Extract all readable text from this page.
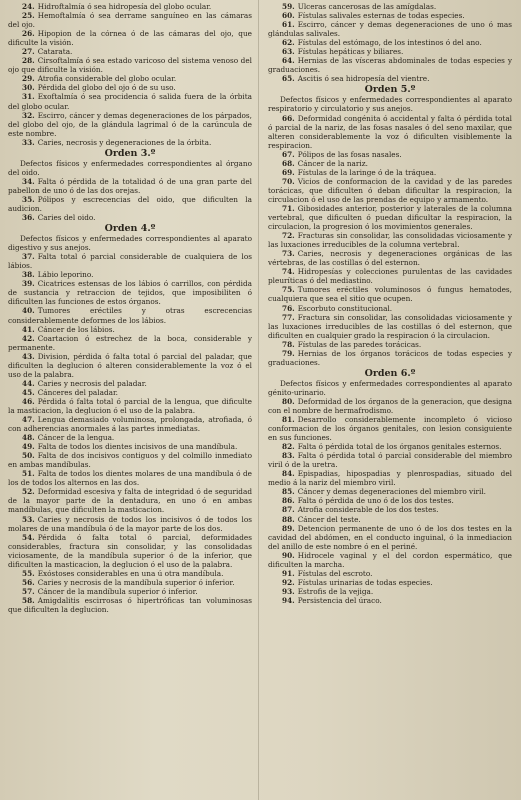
24. Hidroftalmía ó sea hidropesía del globo ocular.

25. Hemoftalmía ó sea derrame sanguíneo en las cámaras del ojo.

26. Hipopion de la córnea ó de las cámaras del ojo, que dificulte la visión.

27. Catarata.

28. Cirsoftalmía ó sea estado varicoso del sistema venoso del ojo que dificulte la visión.

29. Atrofia considerable del globo ocular.

30. Pérdida del globo del ojo ó de su uso.

31. Exoftalmía ó sea procidencia ó salida fuera de la órbita del globo ocular.

32. Escirro, cáncer y demas degeneraciones de los párpados, del globo del ojo, de la glándula lagrimal ó de la carúncula de este nombre.

33. Caries, necrosis y degeneraciones de la órbita.

Orden 3.º

Defectos físicos y enfermedades correspondientes al órgano del oido.

34. Falta ó pérdida de la totalidad ó de una gran parte del pabellon de uno ó de las dos orejas.

35. Pólipos y escrecencias del oido, que dificulten la audicion.

36. Caries del oido.

Orden 4.º

Defectos físicos y enfermedades correspondientes al aparato digestivo y sus anejos.

37. Falta total ó parcial considerable de cualquiera de los lábios.

38. Lábio leporino.

39. Cicatrices estensas de los lábios ó carrillos, con pérdida de sustancia y retraccion de tejidos, que imposibiliten ó dificulten las funciones de estos órganos.

40. Tumores eréctiles y otras escrecencias considerablemente deformes de los lábios.

41. Cáncer de los lábios.

42. Coartacion ó estrechez de la boca, considerable y permanente.

43. Division, pérdida ó falta total ó parcial del paladar, que dificulten la deglucion ó alteren considerablemente la voz ó el uso de la palabra.

44. Caries y necrosis del paladar.

45. Cánceres del paladar.

46. Pérdida ó falta total ó parcial de la lengua, que dificulte la masticacion, la deglucion ó el uso de la palabra.

47. Lengua demasiado voluminosa, prolongada, atrofiada, ó con adherencias anormales á las partes inmediatas.

48. Cáncer de la lengua.

49. Falta de todos los dientes incisivos de una mandíbula.

50. Falta de dos incisivos contiguos y del colmillo inmediato en ambas mandíbulas.

51. Falta de todos los dientes molares de una mandíbula ó de los de todos los alternos en las dos.

52. Deformidad escesiva y falta de integridad ó de seguridad de la mayor parte de la dentadura, en uno ó en ambas mandíbulas, que dificulten la masticacion.

53. Caries y necrosis de todos los incisivos ó de todos los molares de una mandíbula ó de la mayor parte de los dos.

54. Pérdida ó falta total ó parcial, deformidades considerables, fractura sin consolidar, y las consolidadas viciosamente, de la mandíbula superior ó de la inferior, que dificulten la masticacion, la deglucion ó el uso de la palabra.

55. Exóstoses considerables en una ú otra mandíbula.

56. Caries y necrosis de la mandíbula superior ó inferior.

57. Cáncer de la mandíbula superior ó inferior.

58. Amigdalitis escirrosas ó hipertróficas tan voluminosas que dificulten la deglucion.

59. Ulceras cancerosas de las amígdalas.

60. Fístulas salivales esternas de todas especies.

61. Escirro, cáncer y demas degeneraciones de uno ó mas glándulas salivales.

62. Fístulas del estómago, de los intestinos ó del ano.

63. Fístulas hepáticas y biliares.

64. Hernias de las vísceras abdominales de todas especies y graduaciones.

65. Ascitis ó sea hidropesía del vientre.

Orden 5.º

Defectos físicos y enfermedades correspondientes al aparato respiratorio y circulatorio y sus anejos.

66. Deformidad congénita ó accidental y falta ó pérdida total ó parcial de la nariz, de las fosas nasales ó del seno maxilar, que alteren considerablemente la voz ó dificulten visiblemente la respiracion.

67. Pólipos de las fosas nasales.

68. Cáncer de la nariz.

69. Fístulas de la laringe ó de la tráquea.

70. Vicios de conformacion de la cavidad y de las paredes torácicas, que dificulten ó deban dificultar la respiracion, la circulacion ó el uso de las prendas de equipo y armamento.

71. Gibosidades anterior, posterior y laterales de la columna vertebral, que dificulten ó puedan dificultar la respiracion, la circulacion, la progresion ó los movimientos generales.

72. Fracturas sin consolidar, las consolidadas viciosamente y las luxaciones irreducibles de la columna vertebral.

73. Caries, necrosis y degeneraciones orgánicas de las vértebras, de las costillas ó del esternon.

74. Hidropesías y colecciones purulentas de las cavidades pleuríticas ó del mediastino.

75. Tumores eréctiles voluminosos ó fungus hematodes, cualquiera que sea el sitio que ocupen.

76. Escorbuto constitucional.

77. Fractura sin consolidar, las consolidadas viciosamente y las luxaciones irreducibles de las costillas ó del esternon, que dificulten en cualquier grado la respiracion ó la circulacion.

78. Fístulas de las paredes torácicas.

79. Hernias de los órganos torácicos de todas especies y graduaciones.

Orden 6.º

Defectos físicos y enfermedades correspondientes al aparato génito-urinario.

80. Deformidad de los órganos de la generacion, que designa con el nombre de hermafrodismo.

81. Desarrollo considerablemente incompleto ó vicioso conformacion de los órganos genitales, con lesion consiguiente en sus funciones.

82. Falta ó pérdida total de los órganos genitales esternos.

83. Falta ó pérdida total ó parcial considerable del miembro viril ó de la uretra.

84. Epispadias, hipospadias y plenrospadias, situado del medio á la nariz del miembro viril.

85. Cáncer y demas degeneraciones del miembro viril.

86. Falta ó pérdida de uno ó de los dos testes.

87. Atrofia considerable de los dos testes.

88. Cáncer del teste.

89. Detencion permanente de uno ó de los dos testes en la cavidad del abdómen, en el conducto inguinal, ó la inmediacion del anillo de este nombre ó en el periné.

90. Hidrocele vaginal y el del cordon espermático, que dificulten la marcha.

91. Fístulas del escroto.

92. Fístulas urinarias de todas especies.

93. Estrofis de la vejiga.

94. Persistencia del úraco.
